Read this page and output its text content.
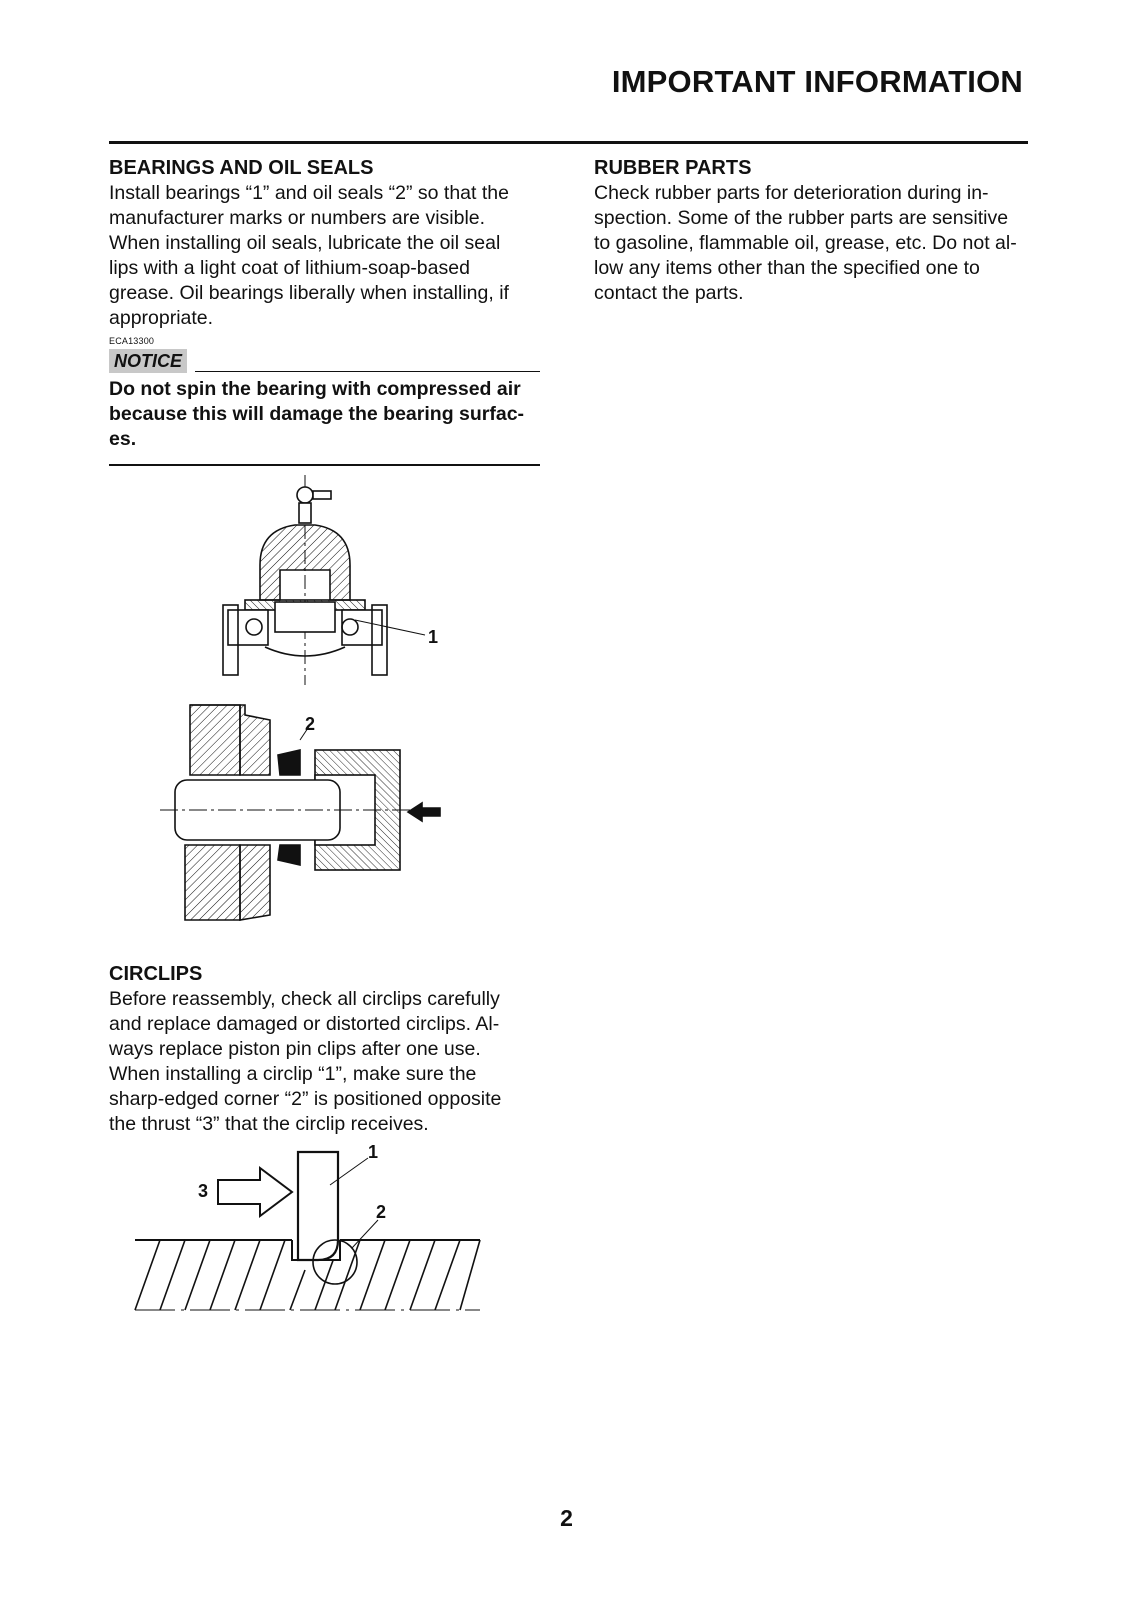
IMPORTANT INFORMATION

BEARINGS AND OIL SEALS

Install bearings “1” and oil seals “2” so that the
manufacturer marks or numbers are visible.
When installing oil seals, lubricate the oil seal
lips with a light coat of lithium-soap-based
grease. Oil bearings liberally when installing, if
appropriate.

ECA13300
NOTICE
Do not spin the bearing with compressed air
because this will damage the bearing surfac-
es.

RUBBER PARTS

Check rubber parts for deterioration during in-
spection. Some of the rubber parts are sensitive
to gasoline, flammable oil, grease, etc. Do not al-
low any items other than the specified one to
contact the parts.

1
2

CIRCLIPS

Before reassembly, check all circlips carefully
and replace damaged or distorted circlips. Al-
ways replace piston pin clips after one use.
When installing a circlip “1”, make sure the
sharp-edged corner “2” is positioned opposite
the thrust “3” that the circlip receives.

1
2
3
2
